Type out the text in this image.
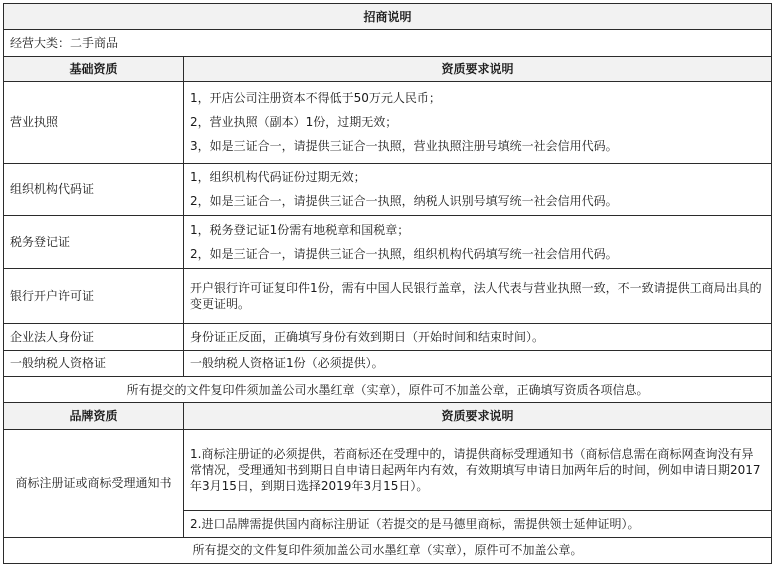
招商说明	
经营大类：二手商品	
基础资质	资质要求说明
营业执照	1，开店公司注册资本不得低于50万元人民币；
2，营业执照（副本）1份，过期无效；
3，如是三证合一，请提供三证合一执照，营业执照注册号填统一社会信用代码。

组织机构代码证	1，组织机构代码证份过期无效；
2，如是三证合一，请提供三证合一执照，纳税人识别号填写统一社会信用代码。

税务登记证	1，税务登记证1份需有地税章和国税章；
2，如是三证合一，请提供三证合一执照，组织机构代码填写统一社会信用代码。

银行开户许可证	开户银行许可证复印件1份，需有中国人民银行盖章，法人代表与营业执照一致，不一致请提供工商局出具的变更证明。
企业法人身份证	身份证正反面，正确填写身份有效到期日（开始时间和结束时间）。
一般纳税人资格证	一般纳税人资格证1份（必须提供）。
所有提交的文件复印件须加盖公司水墨红章（实章），原件可不加盖公章，正确填写资质各项信息。	
品牌资质	资质要求说明
商标注册证或商标受理通知书	1.商标注册证的必须提供，若商标还在受理中的，请提供商标受理通知书（商标信息需在商标网查询没有异常情况，受理通知书到期日自申请日起两年内有效，有效期填写申请日加两年后的时间，例如申请日期2017年3月15日，到期日选择2019年3月15日）。
	2.进口品牌需提供国内商标注册证（若提交的是马德里商标，需提供领士延伸证明）。
所有提交的文件复印件须加盖公司水墨红章（实章），原件可不加盖公章。	
